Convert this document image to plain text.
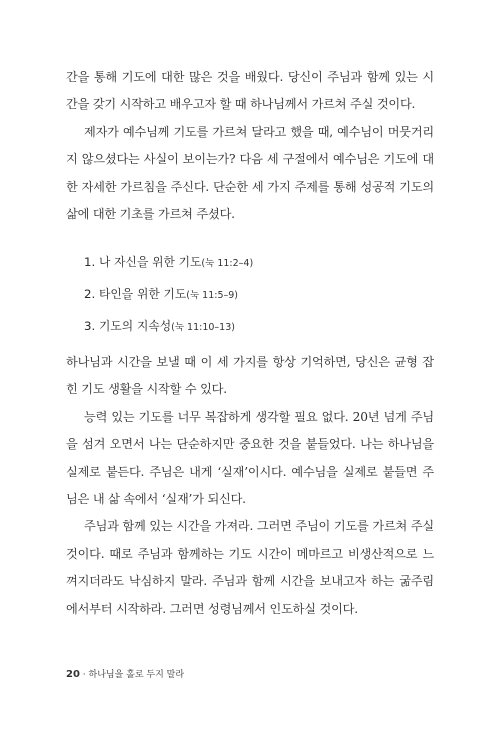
간을 통해 기도에 대한 많은 것을 배웠다. 당신이 주님과 함께 있는 시간을 갖기 시작하고 배우고자 할 때 하나님께서 가르쳐 주실 것이다.

제자가 예수님께 기도를 가르쳐 달라고 했을 때, 예수님이 머뭇거리지 않으셨다는 사실이 보이는가? 다음 세 구절에서 예수님은 기도에 대한 자세한 가르침을 주신다. 단순한 세 가지 주제를 통해 성공적 기도의 삶에 대한 기초를 가르쳐 주셨다.

1. 나 자신을 위한 기도(눅 11:2–4)
2. 타인을 위한 기도(눅 11:5–9)
3. 기도의 지속성(눅 11:10–13)

하나님과 시간을 보낼 때 이 세 가지를 항상 기억하면, 당신은 균형 잡힌 기도 생활을 시작할 수 있다.

능력 있는 기도를 너무 복잡하게 생각할 필요 없다. 20년 넘게 주님을 섬겨 오면서 나는 단순하지만 중요한 것을 붙들었다. 나는 하나님을 실제로 붙든다. 주님은 내게 ‘실재’이시다. 예수님을 실제로 붙들면 주님은 내 삶 속에서 ‘실재’가 되신다.

주님과 함께 있는 시간을 가져라. 그러면 주님이 기도를 가르쳐 주실 것이다. 때로 주님과 함께하는 기도 시간이 메마르고 비생산적으로 느껴지더라도 낙심하지 말라. 주님과 함께 시간을 보내고자 하는 굶주림에서부터 시작하라. 그러면 성령님께서 인도하실 것이다.

20 · 하나님을 홀로 두지 말라
